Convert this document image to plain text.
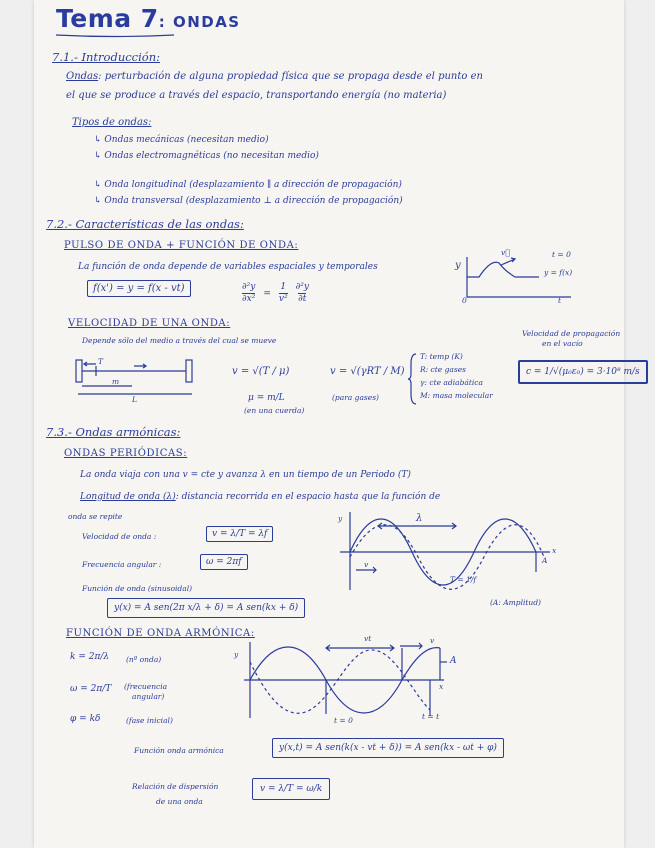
Tema 7: ONDAS
7.1.- Introducción:
Ondas: perturbación de alguna propiedad física que se propaga desde el punto en
el que se produce a través del espacio, transportando energía (no materia)
Tipos de ondas:
↳ Ondas mecánicas (necesitan medio)
↳ Ondas electromagnéticas (no necesitan medio)
↳ Onda longitudinal (desplazamiento ∥ a dirección de propagación)
↳ Onda transversal (desplazamiento ⊥ a dirección de propagación)
7.2.- Características de las ondas:
PULSO DE ONDA + FUNCIÓN DE ONDA:
La función de onda depende de variables espaciales y temporales	y
f(x') = y = f(x - vt)	$\frac{\text{∂²y}}{\text{∂x²}} = \frac{1}{\text{v²}} \frac{\text{∂²y}}{\partial t}$
v⃗	t = 0
y = f(x)
0	t
VELOCIDAD DE UNA ONDA:
Depende sólo del medio a través del cual se mueve
Velocidad de propagación
en el vacío
T
m
L
v = √(T / μ)
μ = m/L
(en una cuerda)
v = √(γRT / M)
(para gases)
T: temp (K)
R: cte gases
γ: cte adiabática
M: masa molecular
c = 1/√(μ₀ε₀) = 3·10⁸ m/s
7.3.- Ondas armónicas:
ONDAS PERIÓDICAS:
La onda viaja con una v = cte y avanza λ en un tiempo de un Periodo (T)
Longitud de onda (λ): distancia recorrida en el espacio hasta que la función de
onda se repite
Velocidad de onda :	v = λ/T = λf
Frecuencia angular :	ω = 2πf
Función de onda (sinusoidal)
y(x) = A sen(2π x/λ + δ) = A sen(kx + δ)
(A: Amplitud)
y	λ
v	A
x
T = 1/f
FUNCIÓN DE ONDA ARMÓNICA:
k = 2π/λ (nº onda)
ω = 2π/T (frecuencia
angular)
φ = kδ	(fase inicial)
y
vt	v
A
x
t = 0	t = t
Función onda armónica	y(x,t) = A sen(k(x - vt + δ)) = A sen(kx - ωt + φ)
Relación de dispersión
de una onda
v = λ/T = ω/k
